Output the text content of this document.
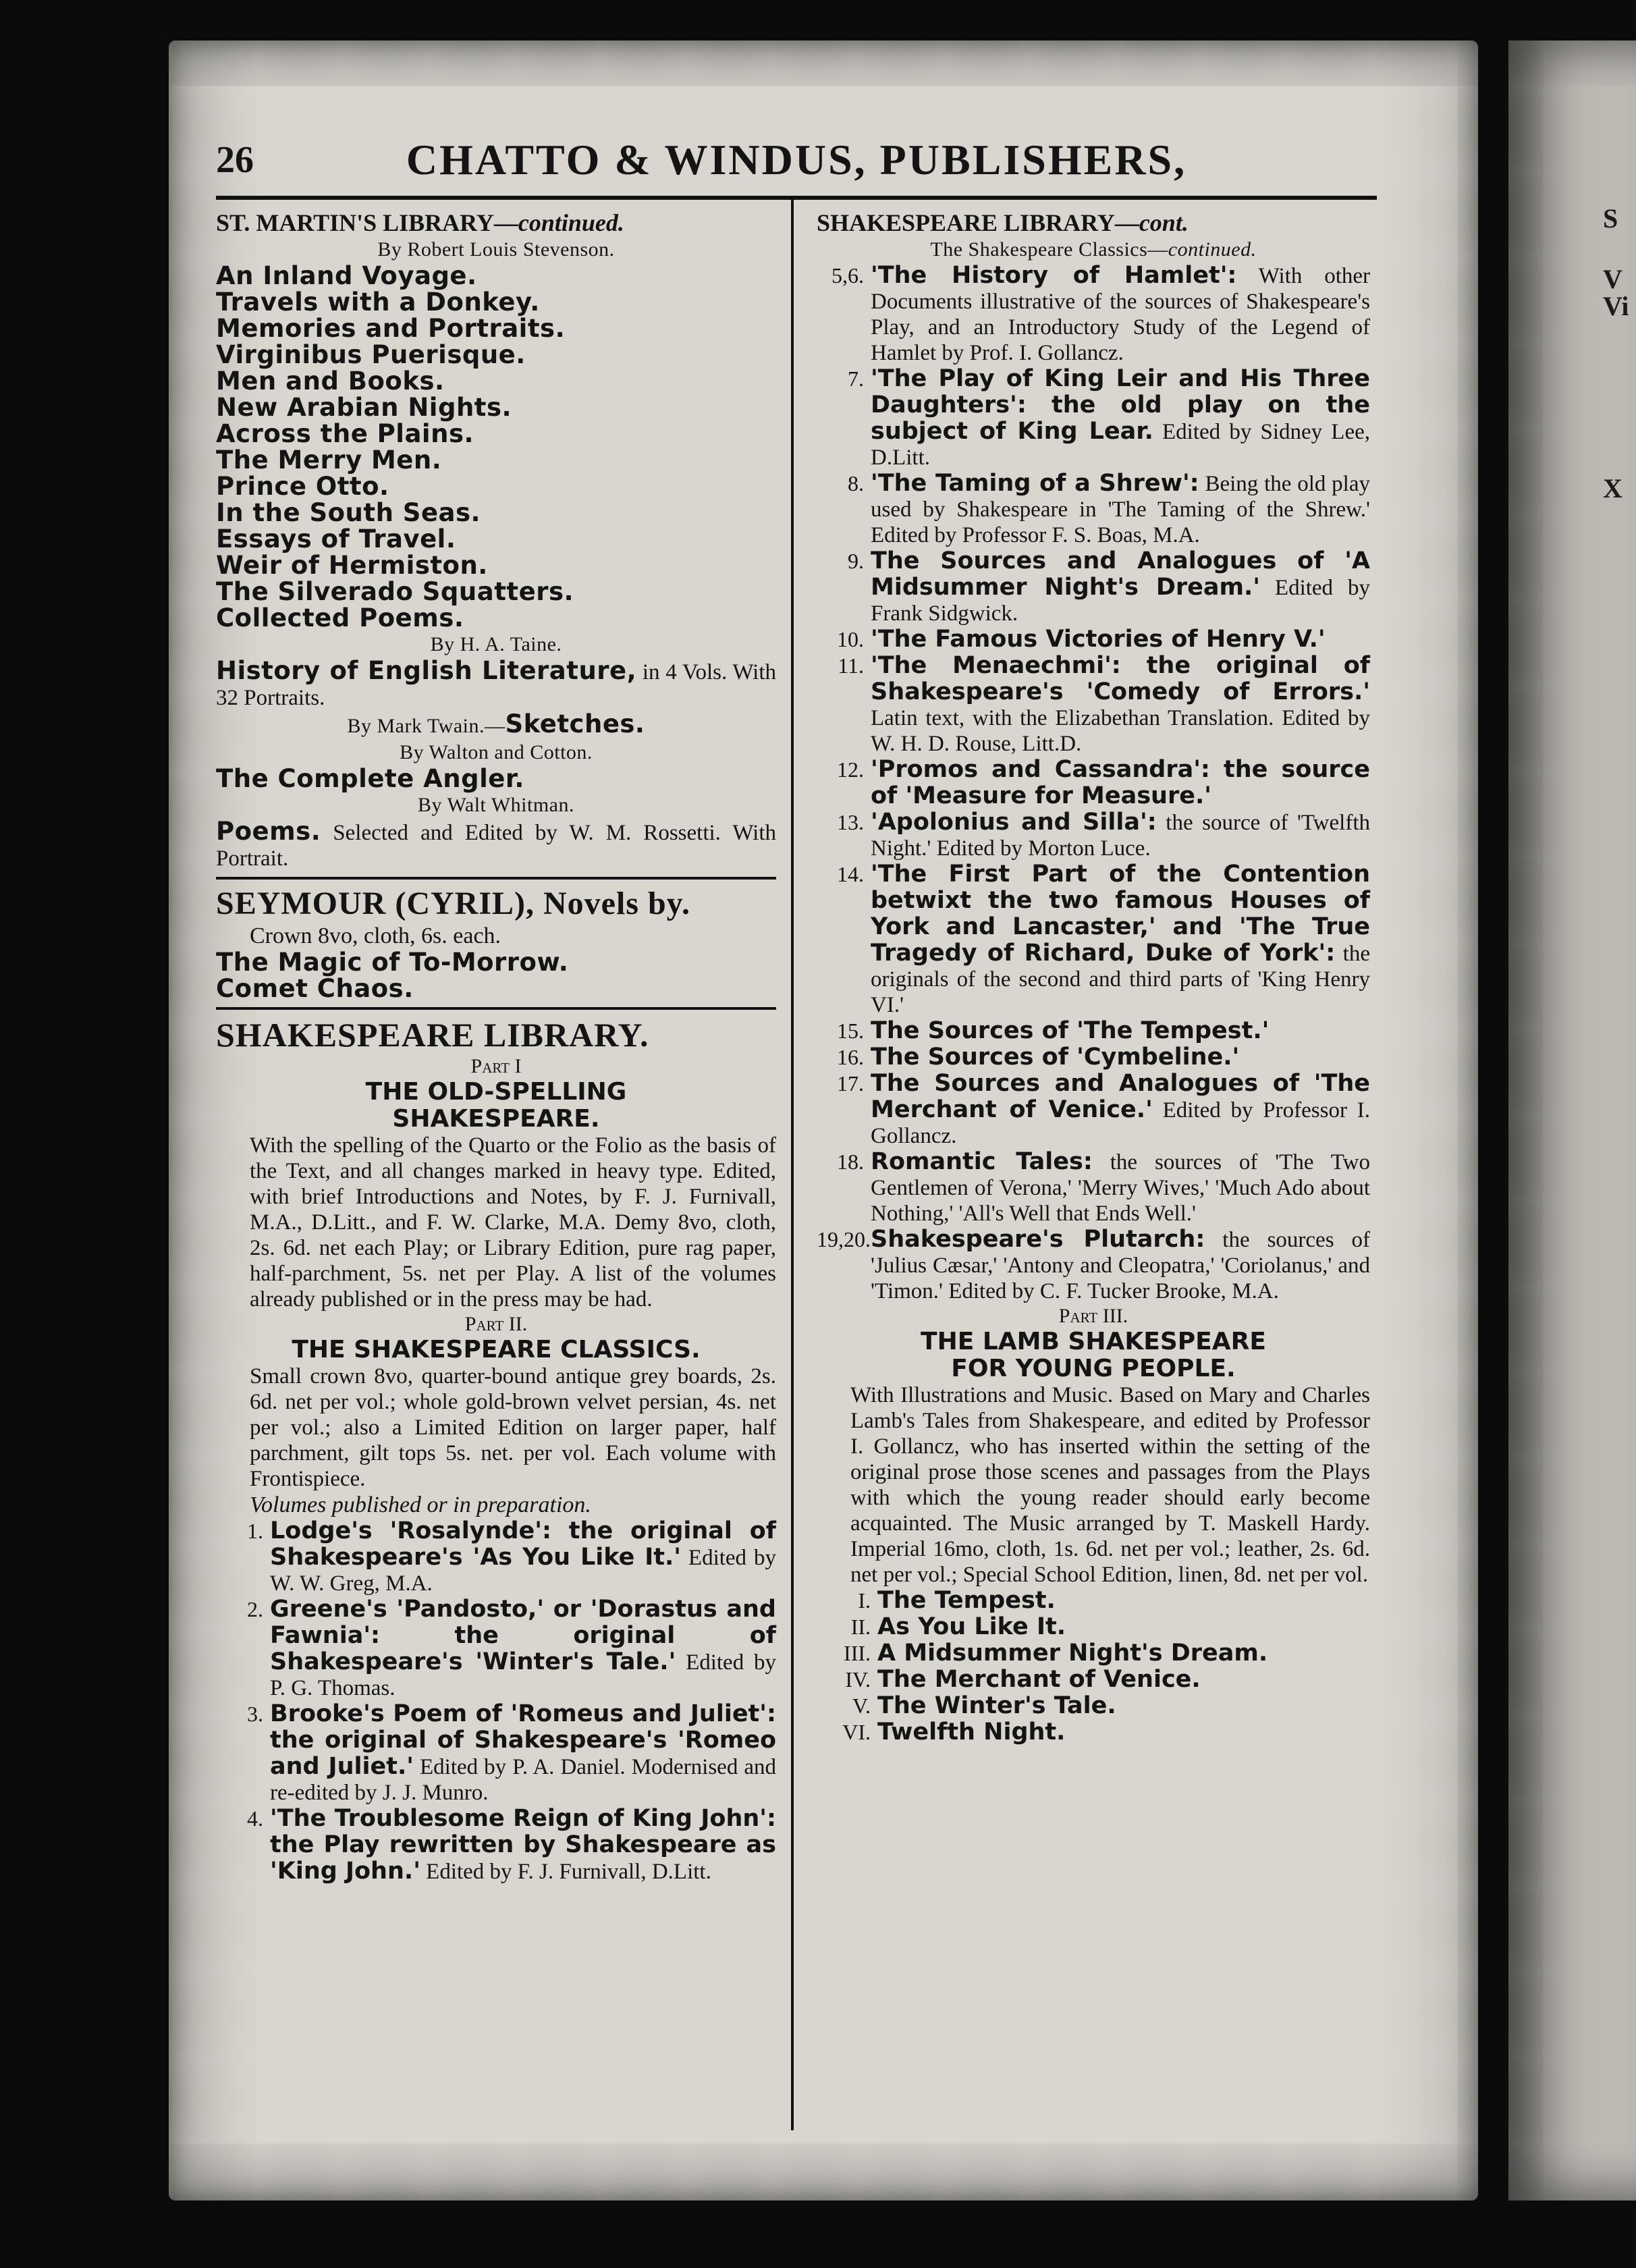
26	CHATTO & WINDUS, PUBLISHERS,
ST. MARTIN'S LIBRARY—continued.
By Robert Louis Stevenson.
An Inland Voyage.
Travels with a Donkey.
Memories and Portraits.
Virginibus Puerisque.
Men and Books.
New Arabian Nights.
Across the Plains.
The Merry Men.
Prince Otto.
In the South Seas.
Essays of Travel.
Weir of Hermiston.
The Silverado Squatters.
Collected Poems.
By H. A. Taine.
History of English Literature, in 4 Vols. With 32 Portraits.
By Mark Twain.—Sketches.
By Walton and Cotton.
The Complete Angler.
By Walt Whitman.
Poems. Selected and Edited by W. M. Rossetti. With Portrait.
SEYMOUR (CYRIL), Novels by.
Crown 8vo, cloth, 6s. each.
The Magic of To-Morrow.
Comet Chaos.
SHAKESPEARE LIBRARY.
Part I
THE OLD-SPELLING
SHAKESPEARE.
With the spelling of the Quarto or the Folio as the basis of the Text, and all changes marked in heavy type. Edited, with brief Introductions and Notes, by F. J. Furnivall, M.A., D.Litt., and F. W. Clarke, M.A. Demy 8vo, cloth, 2s. 6d. net each Play; or Library Edition, pure rag paper, half-parchment, 5s. net per Play. A list of the volumes already published or in the press may be had.
Part II.
THE SHAKESPEARE CLASSICS.
Small crown 8vo, quarter-bound antique grey boards, 2s. 6d. net per vol.; whole gold-brown velvet persian, 4s. net per vol.; also a Limited Edition on larger paper, half parchment, gilt tops 5s. net. per vol. Each volume with Frontispiece.
Volumes published or in preparation.
1. Lodge's 'Rosalynde': the original of Shakespeare's 'As You Like It.' Edited by W. W. Greg, M.A.
2. Greene's 'Pandosto,' or 'Dorastus and Fawnia': the original of Shakespeare's 'Winter's Tale.' Edited by P. G. Thomas.
3. Brooke's Poem of 'Romeus and Juliet': the original of Shakespeare's 'Romeo and Juliet.' Edited by P. A. Daniel. Modernised and re-edited by J. J. Munro.
4. 'The Troublesome Reign of King John': the Play rewritten by Shakespeare as 'King John.' Edited by F. J. Furnivall, D.Litt.
SHAKESPEARE LIBRARY—cont.
The Shakespeare Classics—continued.
5,6. 'The History of Hamlet': With other Documents illustrative of the sources of Shakespeare's Play, and an Introductory Study of the Legend of Hamlet by Prof. I. Gollancz.
7. 'The Play of King Leir and His Three Daughters': the old play on the subject of King Lear. Edited by Sidney Lee, D.Litt.
8. 'The Taming of a Shrew': Being the old play used by Shakespeare in 'The Taming of the Shrew.' Edited by Professor F. S. Boas, M.A.
9. The Sources and Analogues of 'A Midsummer Night's Dream.' Edited by Frank Sidgwick.
10. 'The Famous Victories of Henry V.'
11. 'The Menaechmi': the original of Shakespeare's 'Comedy of Errors.' Latin text, with the Elizabethan Translation. Edited by W. H. D. Rouse, Litt.D.
12. 'Promos and Cassandra': the source of 'Measure for Measure.'
13. 'Apolonius and Silla': the source of 'Twelfth Night.' Edited by Morton Luce.
14. 'The First Part of the Contention betwixt the two famous Houses of York and Lancaster,' and 'The True Tragedy of Richard, Duke of York': the originals of the second and third parts of 'King Henry VI.'
15. The Sources of 'The Tempest.'
16. The Sources of 'Cymbeline.'
17. The Sources and Analogues of 'The Merchant of Venice.' Edited by Professor I. Gollancz.
18. Romantic Tales: the sources of 'The Two Gentlemen of Verona,' 'Merry Wives,' 'Much Ado about Nothing,' 'All's Well that Ends Well.'
19,20. Shakespeare's Plutarch: the sources of 'Julius Cæsar,' 'Antony and Cleopatra,' 'Coriolanus,' and 'Timon.' Edited by C. F. Tucker Brooke, M.A.
Part III.
THE LAMB SHAKESPEARE
FOR YOUNG PEOPLE.
With Illustrations and Music. Based on Mary and Charles Lamb's Tales from Shakespeare, and edited by Professor I. Gollancz, who has inserted within the setting of the original prose those scenes and passages from the Plays with which the young reader should early become acquainted. The Music arranged by T. Maskell Hardy. Imperial 16mo, cloth, 1s. 6d. net per vol.; leather, 2s. 6d. net per vol.; Special School Edition, linen, 8d. net per vol.
I. The Tempest.
II. As You Like It.
III. A Midsummer Night's Dream.
IV. The Merchant of Venice.
V. The Winter's Tale.
VI. Twelfth Night.
S
V
Vi
X
